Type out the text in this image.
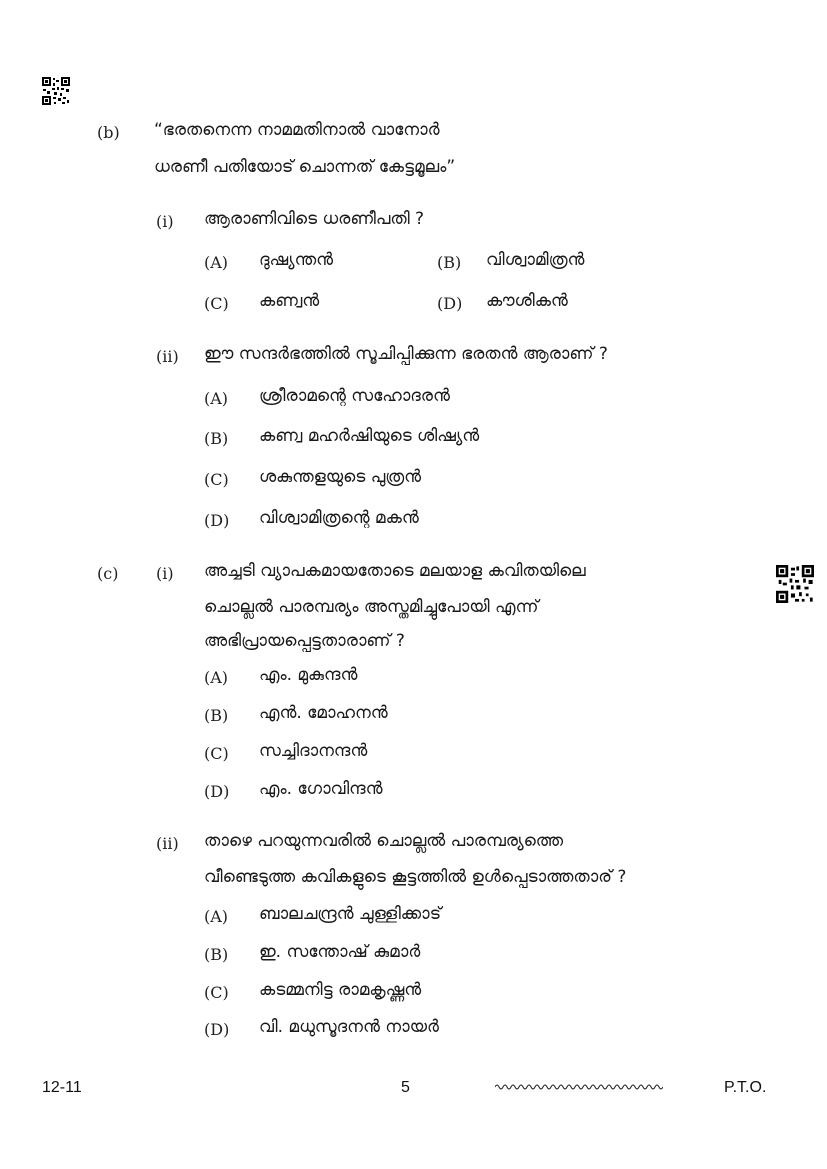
(b) “ഭരതനെന്ന നാമമതിനാൽ വാനോർ
ധരണീ പതിയോട് ചൊന്നത് കേട്ടമൂലം”
(i) ആരാണിവിടെ ധരണീപതി ?
(A) ദുഷ്യന്തൻ	(B) വിശ്വാമിത്രൻ
(C) കണ്വൻ	(D) കൗശികൻ
(ii) ഈ സന്ദർഭത്തിൽ സൂചിപ്പിക്കുന്ന ഭരതൻ ആരാണ് ?
(A) ശ്രീരാമന്റെ സഹോദരൻ
(B) കണ്വ മഹർഷിയുടെ ശിഷ്യൻ
(C) ശകുന്തളയുടെ പുത്രൻ
(D) വിശ്വാമിത്രന്റെ മകൻ
(c) (i) അച്ചടി വ്യാപകമായതോടെ മലയാള കവിതയിലെ
ചൊല്ലൽ പാരമ്പര്യം അസ്തമിച്ചുപോയി എന്ന്
അഭിപ്രായപ്പെട്ടതാരാണ് ?
(A) എം. മുകുന്ദൻ
(B) എൻ. മോഹനൻ
(C) സച്ചിദാനന്ദൻ
(D) എം. ഗോവിന്ദൻ
(ii) താഴെ പറയുന്നവരിൽ ചൊല്ലൽ പാരമ്പര്യത്തെ
വീണ്ടെടുത്ത കവികളുടെ കൂട്ടത്തിൽ ഉൾപ്പെടാത്തതാര് ?
(A) ബാലചന്ദ്രൻ ചുള്ളിക്കാട്
(B) ഇ. സന്തോഷ് കുമാർ
(C) കടമ്മനിട്ട രാമകൃഷ്ണൻ
(D) വി. മധുസൂദനൻ നായർ
12-11	5	P.T.O.
